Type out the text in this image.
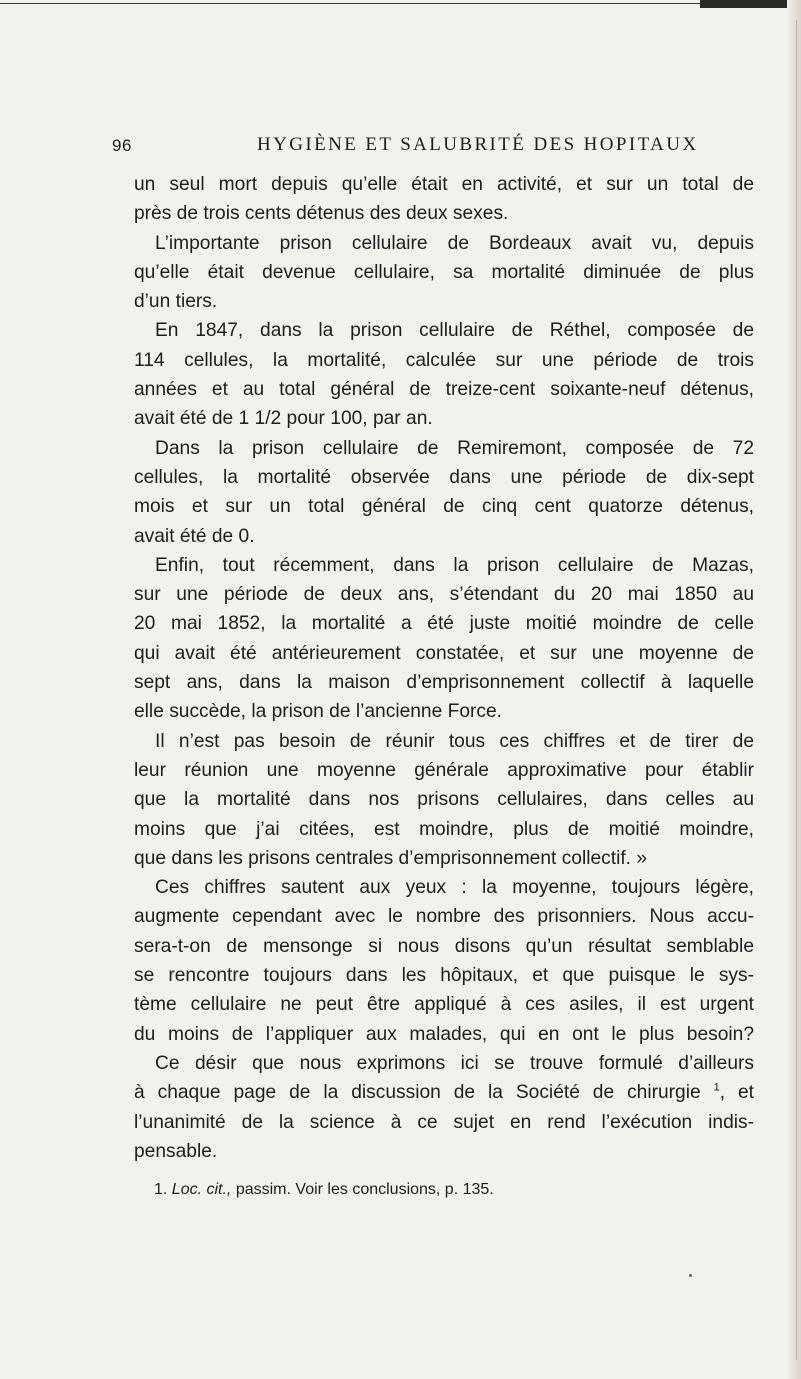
96	HYGIÈNE ET SALUBRITÉ DES HOPITAUX
un seul mort depuis qu’elle était en activité, et sur un total de
près de trois cents détenus des deux sexes.
L’importante prison cellulaire de Bordeaux avait vu, depuis
qu’elle était devenue cellulaire, sa mortalité diminuée de plus
d’un tiers.
En 1847, dans la prison cellulaire de Réthel, composée de
114 cellules, la mortalité, calculée sur une période de trois
années et au total général de treize-cent soixante-neuf détenus,
avait été de 1 1/2 pour 100, par an.
Dans la prison cellulaire de Remiremont, composée de 72
cellules, la mortalité observée dans une période de dix-sept
mois et sur un total général de cinq cent quatorze détenus,
avait été de 0.
Enfin, tout récemment, dans la prison cellulaire de Mazas,
sur une période de deux ans, s’étendant du 20 mai 1850 au
20 mai 1852, la mortalité a été juste moitié moindre de celle
qui avait été antérieurement constatée, et sur une moyenne de
sept ans, dans la maison d’emprisonnement collectif à laquelle
elle succède, la prison de l’ancienne Force.
Il n’est pas besoin de réunir tous ces chiffres et de tirer de
leur réunion une moyenne générale approximative pour établir
que la mortalité dans nos prisons cellulaires, dans celles au
moins que j’ai citées, est moindre, plus de moitié moindre,
que dans les prisons centrales d’emprisonnement collectif. »
Ces chiffres sautent aux yeux : la moyenne, toujours légère,
augmente cependant avec le nombre des prisonniers. Nous accu-
sera-t-on de mensonge si nous disons qu’un résultat semblable
se rencontre toujours dans les hôpitaux, et que puisque le sys-
tème cellulaire ne peut être appliqué à ces asiles, il est urgent
du moins de l’appliquer aux malades, qui en ont le plus besoin?
Ce désir que nous exprimons ici se trouve formulé d’ailleurs
à chaque page de la discussion de la Société de chirurgie $^1$, et
l’unanimité de la science à ce sujet en rend l’exécution indis-
pensable.
1. Loc. cit., passim. Voir les conclusions, p. 135.
